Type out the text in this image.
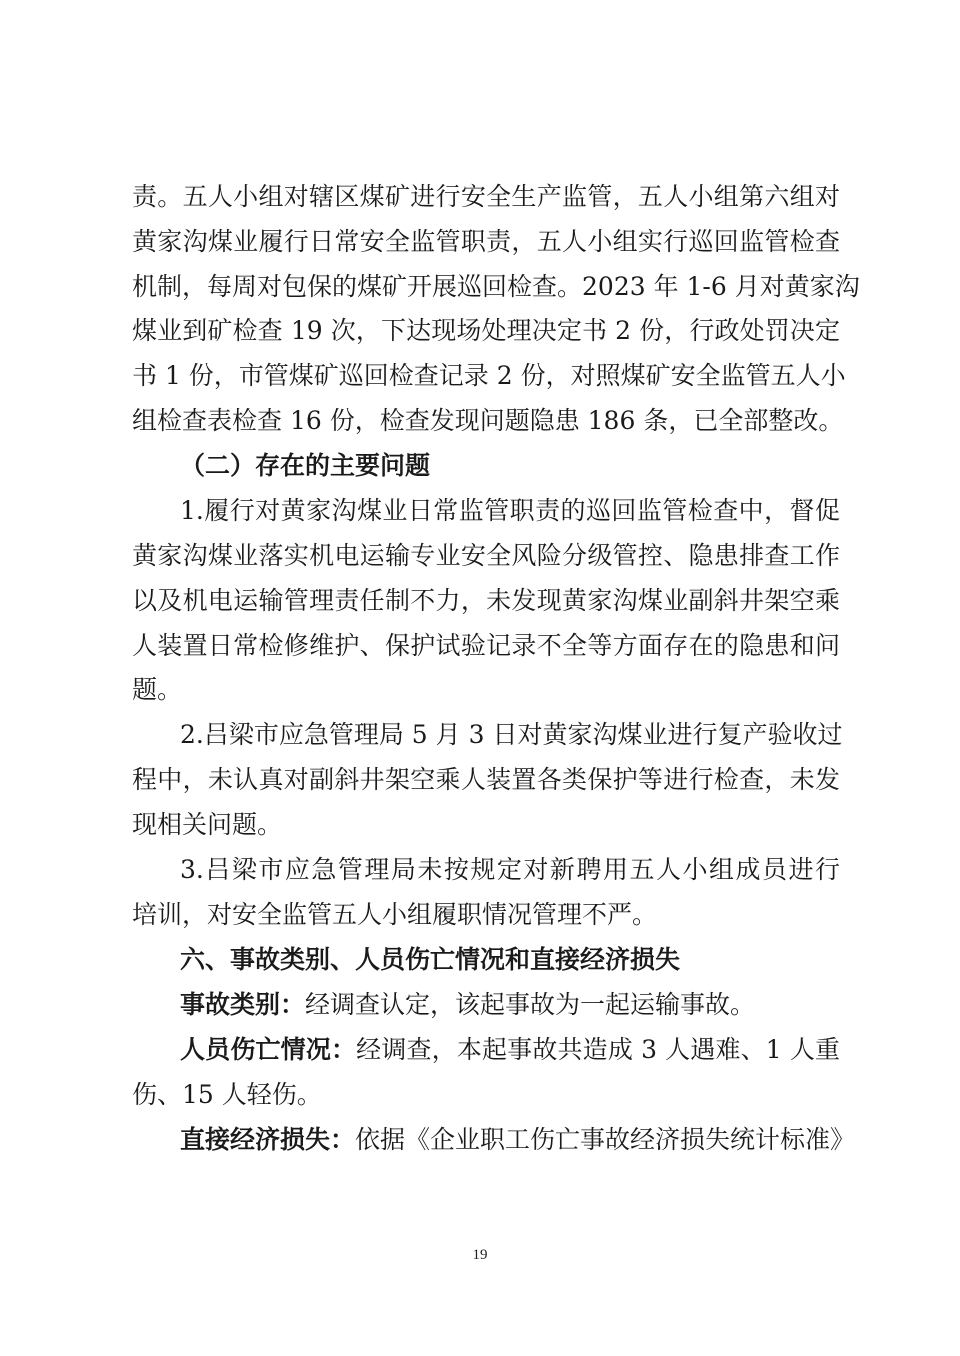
责。五人小组对辖区煤矿进行安全生产监管，五人小组第六组对
黄家沟煤业履行日常安全监管职责，五人小组实行巡回监管检查
机制，每周对包保的煤矿开展巡回检查。2023 年 1-6 月对黄家沟
煤业到矿检查 19 次，下达现场处理决定书 2 份，行政处罚决定
书 1 份，市管煤矿巡回检查记录 2 份，对照煤矿安全监管五人小
组检查表检查 16 份，检查发现问题隐患 186 条，已全部整改。
（二）存在的主要问题
1.履行对黄家沟煤业日常监管职责的巡回监管检查中，督促
黄家沟煤业落实机电运输专业安全风险分级管控、隐患排查工作
以及机电运输管理责任制不力，未发现黄家沟煤业副斜井架空乘
人装置日常检修维护、保护试验记录不全等方面存在的隐患和问
题。
2.吕梁市应急管理局 5 月 3 日对黄家沟煤业进行复产验收过
程中，未认真对副斜井架空乘人装置各类保护等进行检查，未发
现相关问题。
3.吕梁市应急管理局未按规定对新聘用五人小组成员进行
培训，对安全监管五人小组履职情况管理不严。
六、事故类别、人员伤亡情况和直接经济损失
事故类别：经调查认定，该起事故为一起运输事故。
人员伤亡情况：经调查，本起事故共造成 3 人遇难、1 人重
伤、15 人轻伤。
直接经济损失：依据《企业职工伤亡事故经济损失统计标准》
19
